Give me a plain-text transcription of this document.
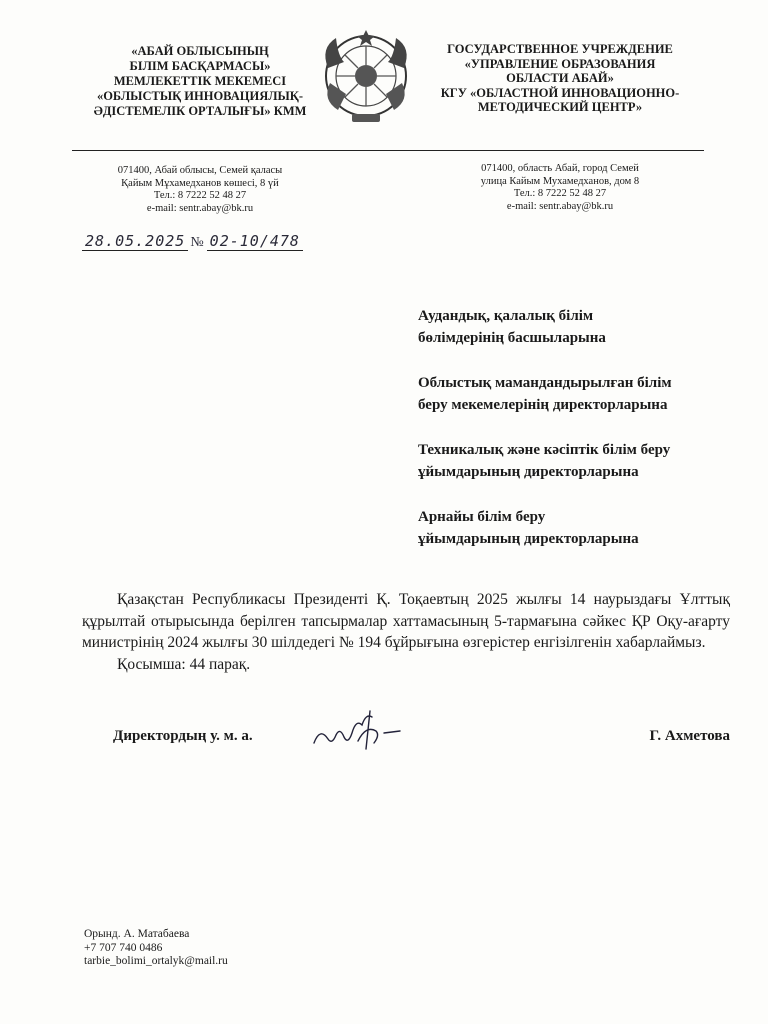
«АБАЙ ОБЛЫСЫНЫҢ
БІЛІМ БАСҚАРМАСЫ»
МЕМЛЕКЕТТІК МЕКЕМЕСІ
«ОБЛЫСТЫҚ ИННОВАЦИЯЛЫҚ-
ӘДІСТЕМЕЛІК ОРТАЛЫҒЫ» КММ
ГОСУДАРСТВЕННОЕ УЧРЕЖДЕНИЕ
«УПРАВЛЕНИЕ ОБРАЗОВАНИЯ
ОБЛАСТИ АБАЙ»
КГУ «ОБЛАСТНОЙ ИННОВАЦИОННО-
МЕТОДИЧЕСКИЙ ЦЕНТР»
071400, Абай облысы, Семей қаласы
Қайым Мұхамедханов көшесі, 8 үй
Тел.: 8 7222 52 48 27
e-mail: sentr.abay@bk.ru
071400, область Абай, город Семей
улица Кайым Мухамедханов, дом 8
Тел.: 8 7222 52 48 27
e-mail: sentr.abay@bk.ru
28.05.2025 № 02-10/478
Аудандық, қалалық білім
бөлімдерінің басшыларына
Облыстық мамандандырылған білім
беру мекемелерінің директорларына
Техникалық және кәсіптік білім беру
ұйымдарының директорларына
Арнайы білім беру
ұйымдарының директорларына

Қазақстан Республикасы Президенті Қ. Тоқаевтың 2025 жылғы 14 наурыздағы Ұлттық құрылтай отырысында берілген тапсырмалар хаттамасының 5-тармағына сәйкес ҚР Оқу-ағарту министрінің 2024 жылғы 30 шілдедегі № 194 бұйрығына өзгерістер енгізілгенін хабарлаймыз.

Қосымша: 44 парақ.

Директордың у. м. а.	Г. Ахметова
Орынд. А. Матабаева
+7 707 740 0486
tarbie_bolimi_ortalyk@mail.ru
